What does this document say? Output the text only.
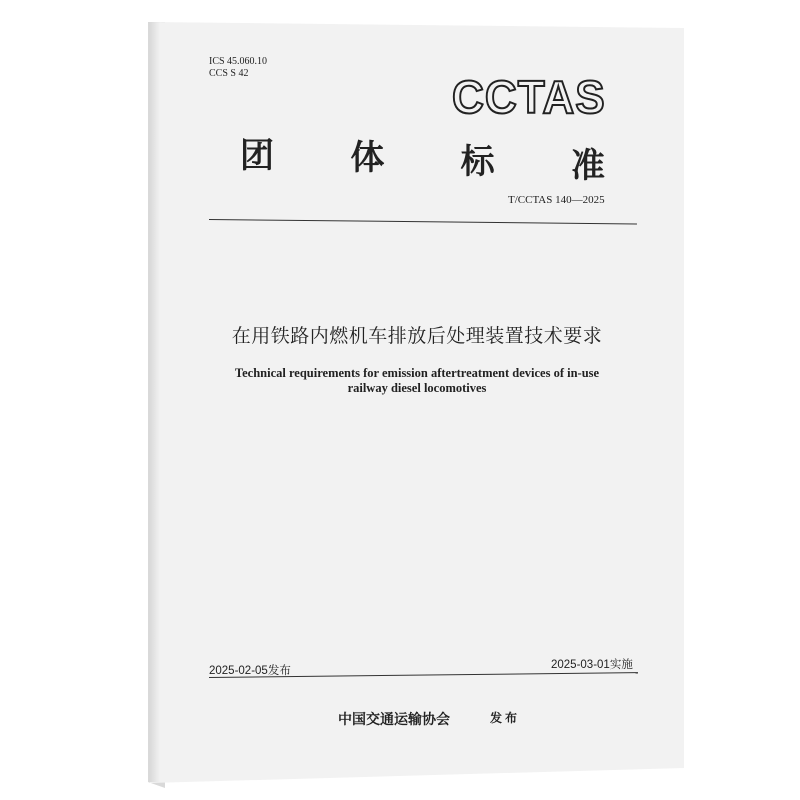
ICS 45.060.10
CCS S 42	CCTAS
团 体 标 准
T/CCTAS 140—2025
在用铁路内燃机车排放后处理装置技术要求
Technical requirements for emission aftertreatment devices of in-use
railway diesel locomotives
2025-02-05发布	2025-03-01实施
中国交通运输协会	发布
